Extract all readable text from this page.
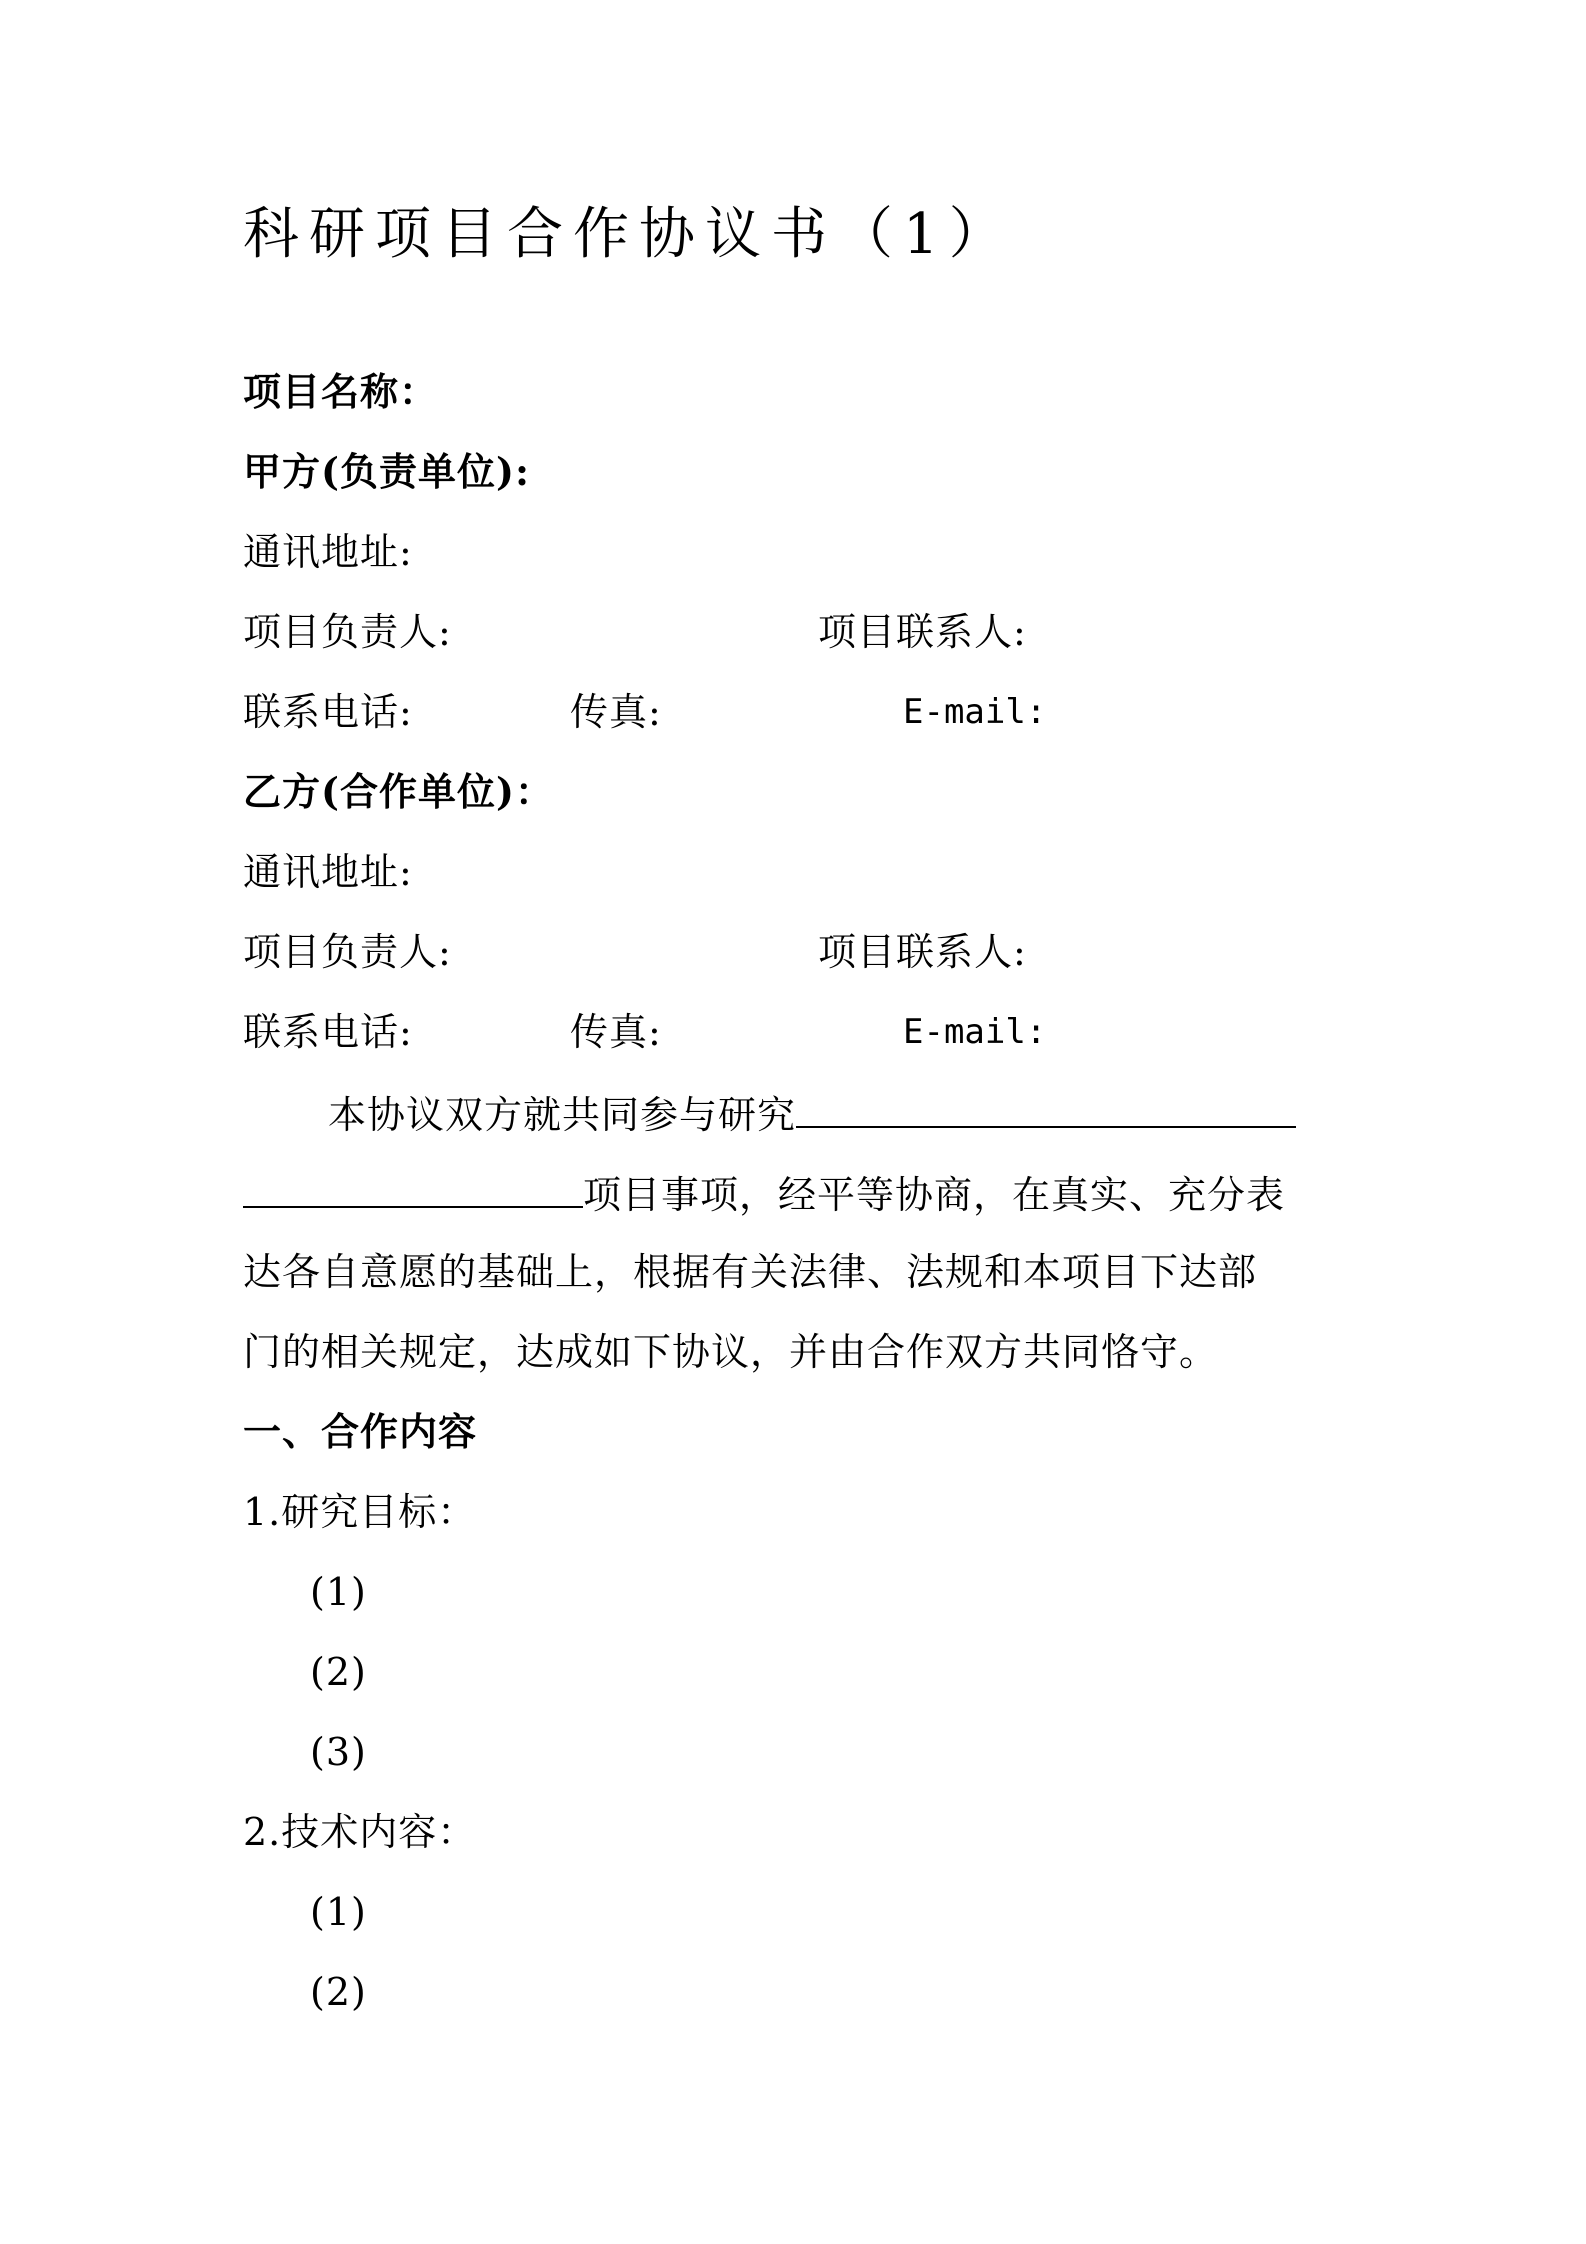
科研项目合作协议书（1）
项目名称：
甲方(负责单位):
通讯地址:
项目负责人:	项目联系人:
联系电话:	传真:	E-mail:
乙方(合作单位)：
通讯地址:
项目负责人:	项目联系人:
联系电话:	传真:	E-mail:
本协议双方就共同参与研究
项目事项，经平等协商，在真实、充分表
达各自意愿的基础上，根据有关法律、法规和本项目下达部
门的相关规定，达成如下协议，并由合作双方共同恪守。
一、合作内容
1.研究目标：
(1)
(2)
(3)
2.技术内容：
(1)
(2)
